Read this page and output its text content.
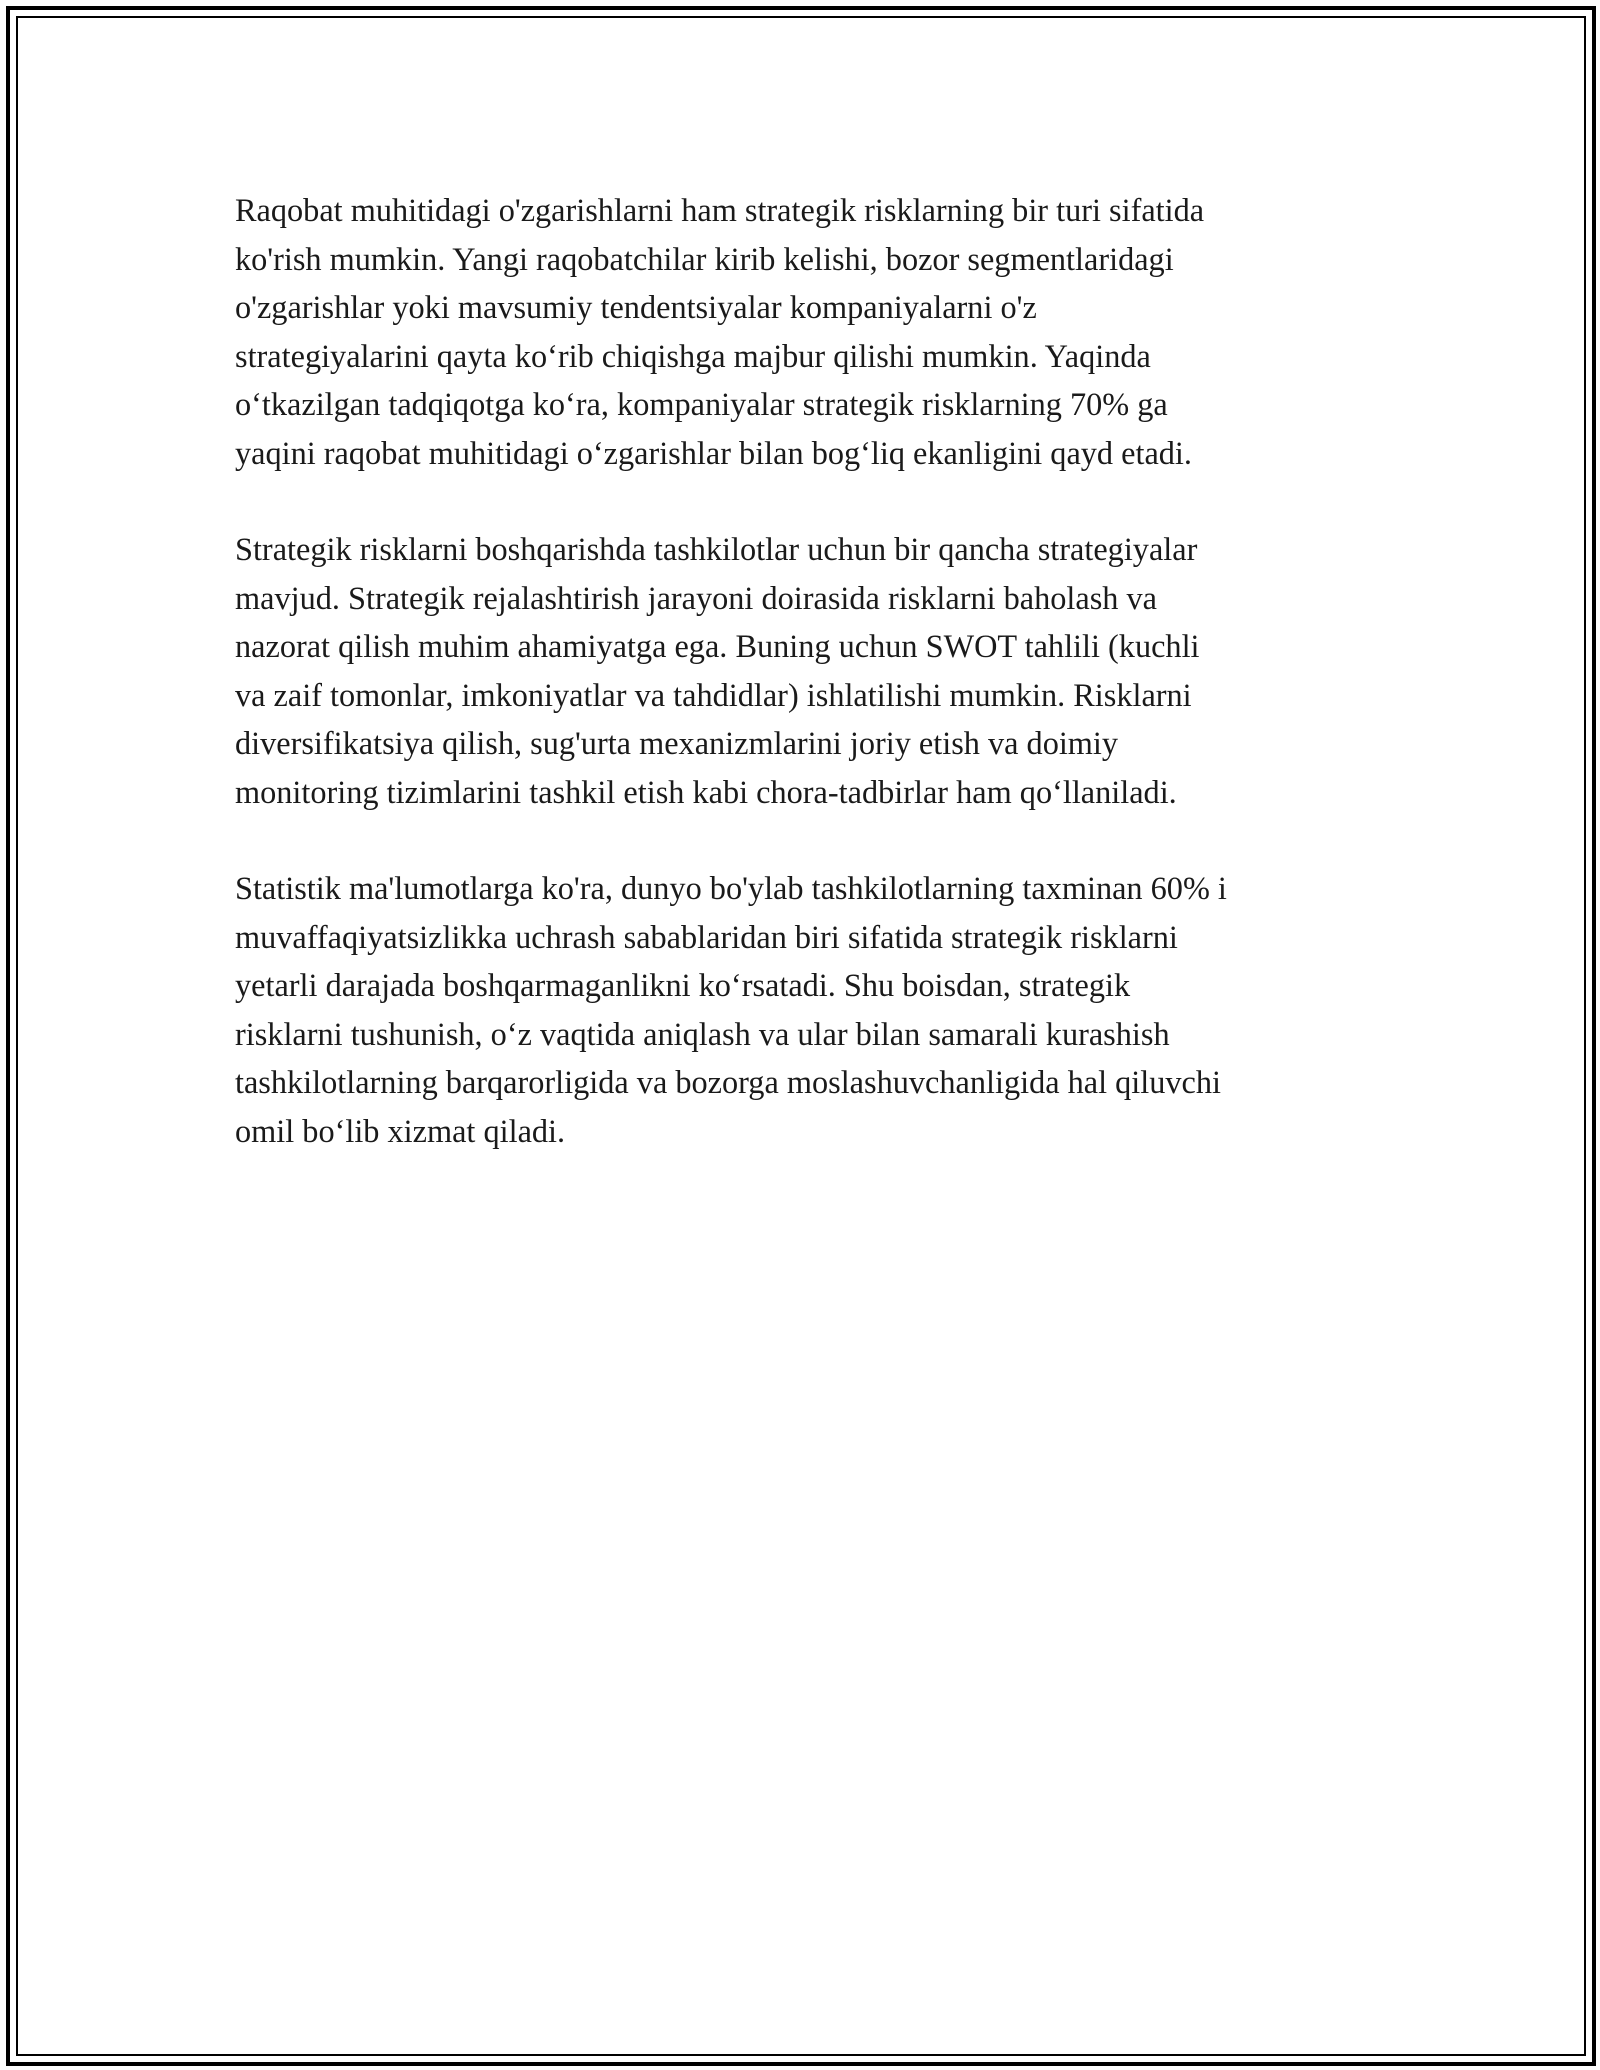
Raqobat muhitidagi o'zgarishlarni ham strategik risklarning bir turi sifatida
ko'rish mumkin. Yangi raqobatchilar kirib kelishi, bozor segmentlaridagi
o'zgarishlar yoki mavsumiy tendentsiyalar kompaniyalarni o'z
strategiyalarini qayta ko‘rib chiqishga majbur qilishi mumkin. Yaqinda
o‘tkazilgan tadqiqotga ko‘ra, kompaniyalar strategik risklarning 70% ga
yaqini raqobat muhitidagi o‘zgarishlar bilan bog‘liq ekanligini qayd etadi.

Strategik risklarni boshqarishda tashkilotlar uchun bir qancha strategiyalar
mavjud. Strategik rejalashtirish jarayoni doirasida risklarni baholash va
nazorat qilish muhim ahamiyatga ega. Buning uchun SWOT tahlili (kuchli
va zaif tomonlar, imkoniyatlar va tahdidlar) ishlatilishi mumkin. Risklarni
diversifikatsiya qilish, sug'urta mexanizmlarini joriy etish va doimiy
monitoring tizimlarini tashkil etish kabi chora-tadbirlar ham qo‘llaniladi.

Statistik ma'lumotlarga ko'ra, dunyo bo'ylab tashkilotlarning taxminan 60% i
muvaffaqiyatsizlikka uchrash sabablaridan biri sifatida strategik risklarni
yetarli darajada boshqarmaganlikni ko‘rsatadi. Shu boisdan, strategik
risklarni tushunish, o‘z vaqtida aniqlash va ular bilan samarali kurashish
tashkilotlarning barqarorligida va bozorga moslashuvchanligida hal qiluvchi
omil bo‘lib xizmat qiladi.
